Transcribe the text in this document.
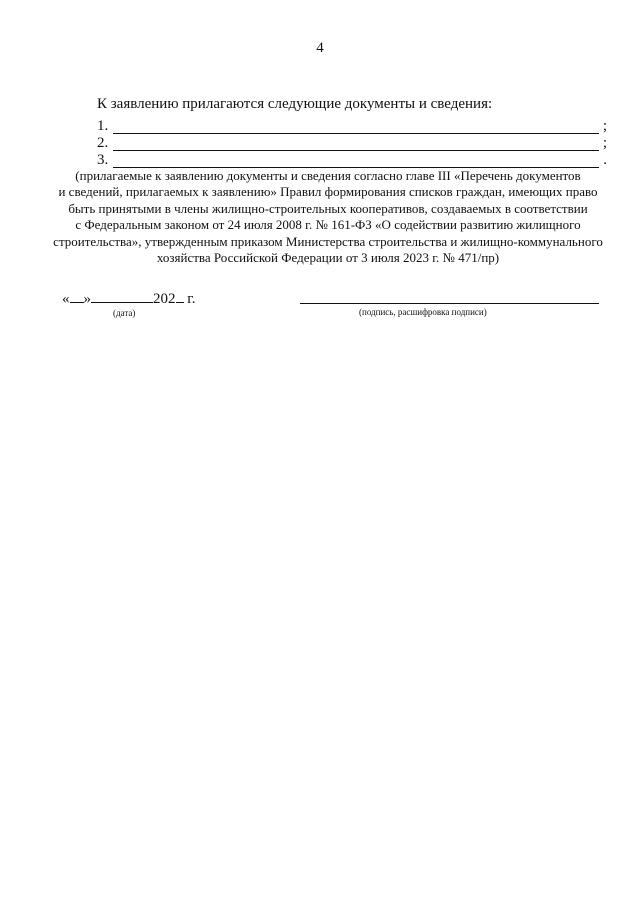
4
К заявлению прилагаются следующие документы и сведения:
1.	;
2.	;
3.	.

(прилагаемые к заявлению документы и сведения согласно главе III «Перечень документов

и сведений, прилагаемых к заявлению» Правил формирования списков граждан, имеющих право

быть принятыми в члены жилищно-строительных кооперативов, создаваемых в соответствии

с Федеральным законом от 24 июля 2008 г. № 161-ФЗ «О содействии развитию жилищного

строительства», утвержденным приказом Министерства строительства и жилищно-коммунального

хозяйства Российской Федерации от 3 июля 2023 г. № 471/пр)

« »	202 г.
(дата)	(подпись, расшифровка подписи)
